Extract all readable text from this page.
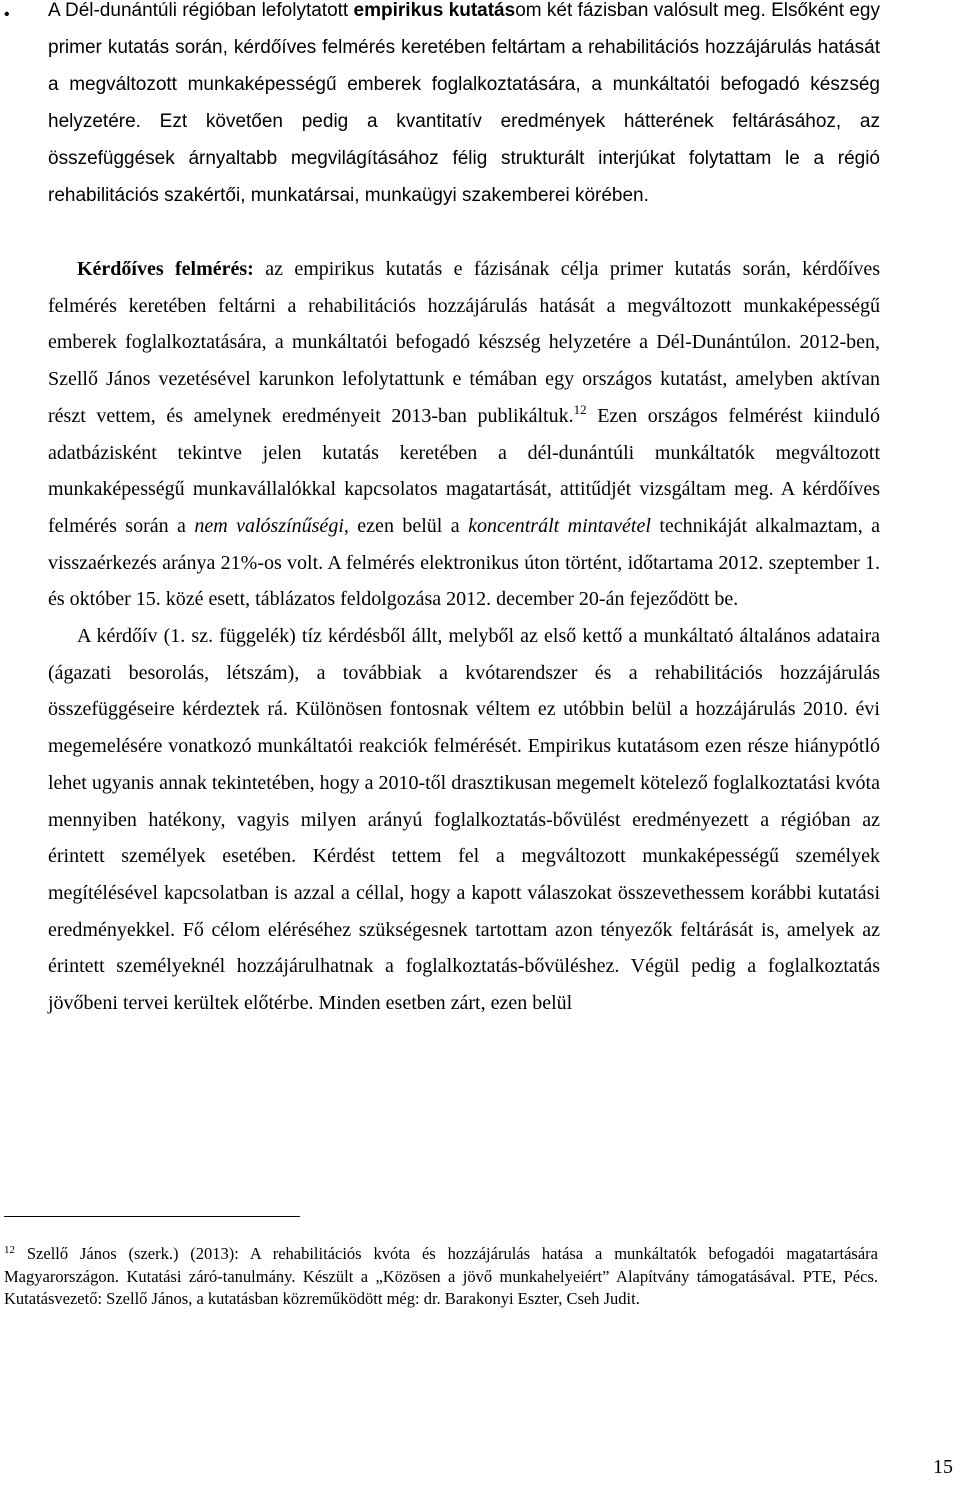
• A Dél-dunántúli régióban lefolytatott empirikus kutatásom két fázisban valósult meg. Elsőként egy primer kutatás során, kérdőíves felmérés keretében feltártam a rehabilitációs hozzájárulás hatását a megváltozott munkaképességű emberek foglalkoztatására, a munkáltatói befogadó készség helyzetére. Ezt követően pedig a kvantitatív eredmények hátterének feltárásához, az összefüggések árnyaltabb megvilágításához félig strukturált interjúkat folytattam le a régió rehabilitációs szakértői, munkatársai, munkaügyi szakemberei körében.

Kérdőíves felmérés: az empirikus kutatás e fázisának célja primer kutatás során, kérdőíves felmérés keretében feltárni a rehabilitációs hozzájárulás hatását a megváltozott munkaképességű emberek foglalkoztatására, a munkáltatói befogadó készség helyzetére a Dél-Dunántúlon. 2012-ben, Szellő János vezetésével karunkon lefolytattunk e témában egy országos kutatást, amelyben aktívan részt vettem, és amelynek eredményeit 2013-ban publikáltuk.$^{12}$ Ezen országos felmérést kiinduló adatbázisként tekintve jelen kutatás keretében a dél-dunántúli munkáltatók megváltozott munkaképességű munkavállalókkal kapcsolatos magatartását, attitűdjét vizsgáltam meg. A kérdőíves felmérés során a nem valószínűségi, ezen belül a koncentrált mintavétel technikáját alkalmaztam, a visszaérkezés aránya 21%-os volt. A felmérés elektronikus úton történt, időtartama 2012. szeptember 1. és október 15. közé esett, táblázatos feldolgozása 2012. december 20-án fejeződött be.

A kérdőív (1. sz. függelék) tíz kérdésből állt, melyből az első kettő a munkáltató általános adataira (ágazati besorolás, létszám), a továbbiak a kvótarendszer és a rehabilitációs hozzájárulás összefüggéseire kérdeztek rá. Különösen fontosnak véltem ez utóbbin belül a hozzájárulás 2010. évi megemelésére vonatkozó munkáltatói reakciók felmérését. Empirikus kutatásom ezen része hiánypótló lehet ugyanis annak tekintetében, hogy a 2010-től drasztikusan megemelt kötelező foglalkoztatási kvóta mennyiben hatékony, vagyis milyen arányú foglalkoztatás-bővülést eredményezett a régióban az érintett személyek esetében. Kérdést tettem fel a megváltozott munkaképességű személyek megítélésével kapcsolatban is azzal a céllal, hogy a kapott válaszokat összevethessem korábbi kutatási eredményekkel. Fő célom eléréséhez szükségesnek tartottam azon tényezők feltárását is, amelyek az érintett személyeknél hozzájárulhatnak a foglalkoztatás-bővüléshez. Végül pedig a foglalkoztatás jövőbeni tervei kerültek előtérbe. Minden esetben zárt, ezen belül

$^{12}$ Szellő János (szerk.) (2013): A rehabilitációs kvóta és hozzájárulás hatása a munkáltatók befogadói magatartására Magyarországon. Kutatási záró-tanulmány. Készült a „Közösen a jövő munkahelyeiért” Alapítvány támogatásával. PTE, Pécs. Kutatásvezető: Szellő János, a kutatásban közreműködött még: dr. Barakonyi Eszter, Cseh Judit.
15
